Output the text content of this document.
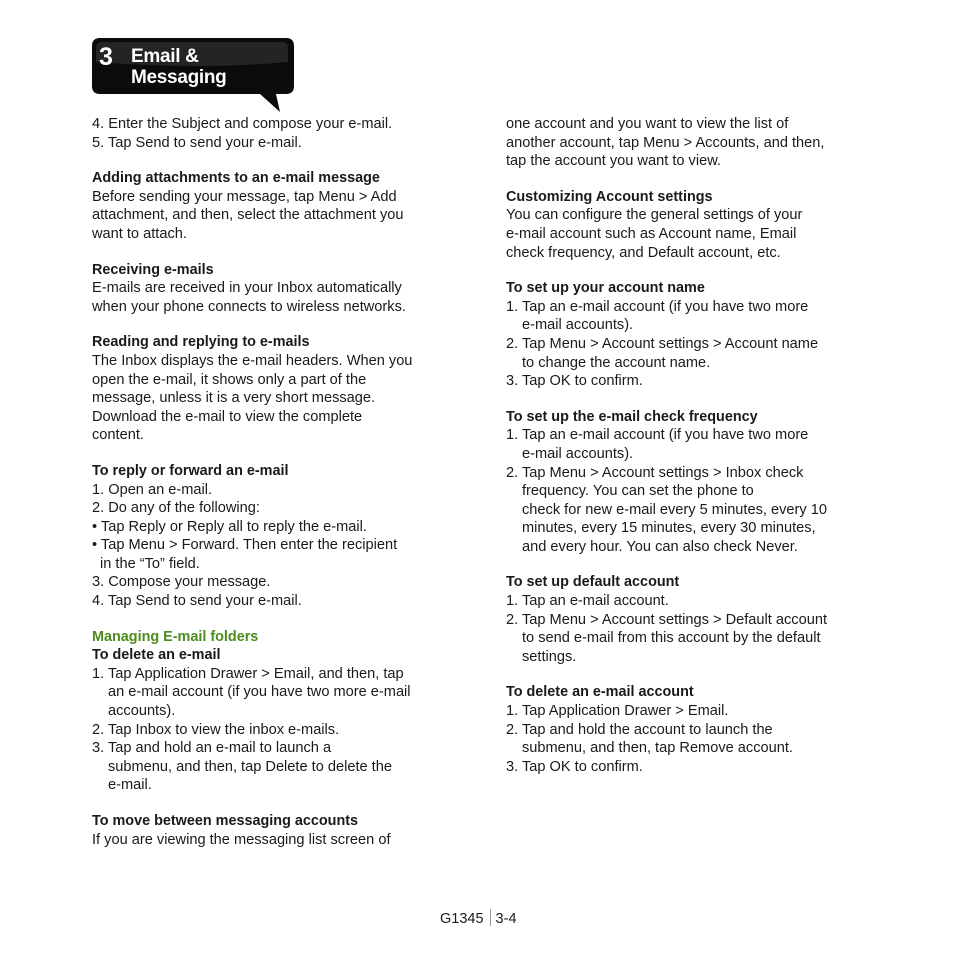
3 Email &
Messaging
4. Enter the Subject and compose your e-mail.
5. Tap Send to send your e-mail.
Adding attachments to an e-mail message
Before sending your message, tap Menu > Add
attachment, and then, select the attachment you
want to attach.
Receiving e-mails
E-mails are received in your Inbox automatically
when your phone connects to wireless networks.
Reading and replying to e-mails
The Inbox displays the e-mail headers. When you
open the e-mail, it shows only a part of the
message, unless it is a very short message.
Download the e-mail to view the complete
content.
To reply or forward an e-mail
1. Open an e-mail.
2. Do any of the following:
• Tap Reply or Reply all to reply the e-mail.
• Tap Menu > Forward. Then enter the recipient
in the “To” field.
3. Compose your message.
4. Tap Send to send your e-mail.
Managing E-mail folders
To delete an e-mail
1. Tap Application Drawer > Email, and then, tap
an e-mail account (if you have two more e-mail
accounts).
2. Tap Inbox to view the inbox e-mails.
3. Tap and hold an e-mail to launch a
submenu, and then, tap Delete to delete the
e-mail.
To move between messaging accounts
If you are viewing the messaging list screen of
one account and you want to view the list of
another account, tap Menu > Accounts, and then,
tap the account you want to view.
Customizing Account settings
You can configure the general settings of your
e-mail account such as Account name, Email
check frequency, and Default account, etc.
To set up your account name
1. Tap an e-mail account (if you have two more
e-mail accounts).
2. Tap Menu > Account settings > Account name
to change the account name.
3. Tap OK to confirm.
To set up the e-mail check frequency
1. Tap an e-mail account (if you have two more
e-mail accounts).
2. Tap Menu > Account settings > Inbox check
frequency. You can set the phone to
check for new e-mail every 5 minutes, every 10
minutes, every 15 minutes, every 30 minutes,
and every hour. You can also check Never.
To set up default account
1. Tap an e-mail account.
2. Tap Menu > Account settings > Default account
to send e-mail from this account by the default
settings.
To delete an e-mail account
1. Tap Application Drawer > Email.
2. Tap and hold the account to launch the
submenu, and then, tap Remove account.
3. Tap OK to confirm.
G1345 3-4
